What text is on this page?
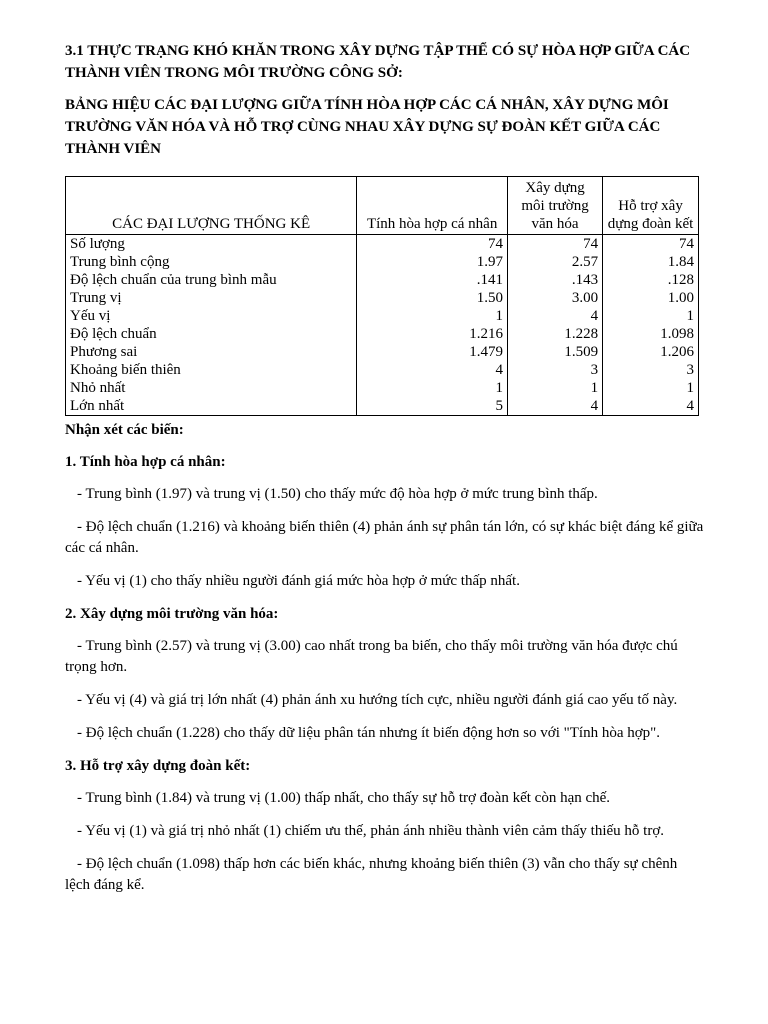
3.1 THỰC TRẠNG KHÓ KHĂN TRONG XÂY DỰNG TẬP THỂ CÓ SỰ HÒA HỢP GIỮA CÁC THÀNH VIÊN TRONG MÔI TRƯỜNG CÔNG SỞ:
BẢNG HIỆU CÁC ĐẠI LƯỢNG GIỮA TÍNH HÒA HỢP CÁC CÁ NHÂN, XÂY DỰNG MÔI TRƯỜNG VĂN HÓA VÀ HỖ TRỢ CÙNG NHAU XÂY DỰNG SỰ ĐOÀN KẾT GIỮA CÁC THÀNH VIÊN
CÁC ĐẠI LƯỢNG THỐNG KÊ	Tính hòa hợp cá nhân	Xây dựng môi trường văn hóa	Hỗ trợ xây dựng đoàn kết
Số lượng	74	74	74
Trung bình cộng	1.97	2.57	1.84
Độ lệch chuẩn của trung bình mẫu	.141	.143	.128
Trung vị	1.50	3.00	1.00
Yếu vị	1	4	1
Độ lệch chuẩn	1.216	1.228	1.098
Phương sai	1.479	1.509	1.206
Khoảng biến thiên	4	3	3
Nhỏ nhất	1	1	1
Lớn nhất	5	4	4
Nhận xét các biến:
1. Tính hòa hợp cá nhân:
- Trung bình (1.97) và trung vị (1.50) cho thấy mức độ hòa hợp ở mức trung bình thấp.
- Độ lệch chuẩn (1.216) và khoảng biến thiên (4) phản ánh sự phân tán lớn, có sự khác biệt đáng kể giữa các cá nhân.
- Yếu vị (1) cho thấy nhiều người đánh giá mức hòa hợp ở mức thấp nhất.
2. Xây dựng môi trường văn hóa:
- Trung bình (2.57) và trung vị (3.00) cao nhất trong ba biến, cho thấy môi trường văn hóa được chú trọng hơn.
- Yếu vị (4) và giá trị lớn nhất (4) phản ánh xu hướng tích cực, nhiều người đánh giá cao yếu tố này.
- Độ lệch chuẩn (1.228) cho thấy dữ liệu phân tán nhưng ít biến động hơn so với "Tính hòa hợp".
3. Hỗ trợ xây dựng đoàn kết:
- Trung bình (1.84) và trung vị (1.00) thấp nhất, cho thấy sự hỗ trợ đoàn kết còn hạn chế.
- Yếu vị (1) và giá trị nhỏ nhất (1) chiếm ưu thế, phản ánh nhiều thành viên cảm thấy thiếu hỗ trợ.
- Độ lệch chuẩn (1.098) thấp hơn các biến khác, nhưng khoảng biến thiên (3) vẫn cho thấy sự chênh lệch đáng kể.
